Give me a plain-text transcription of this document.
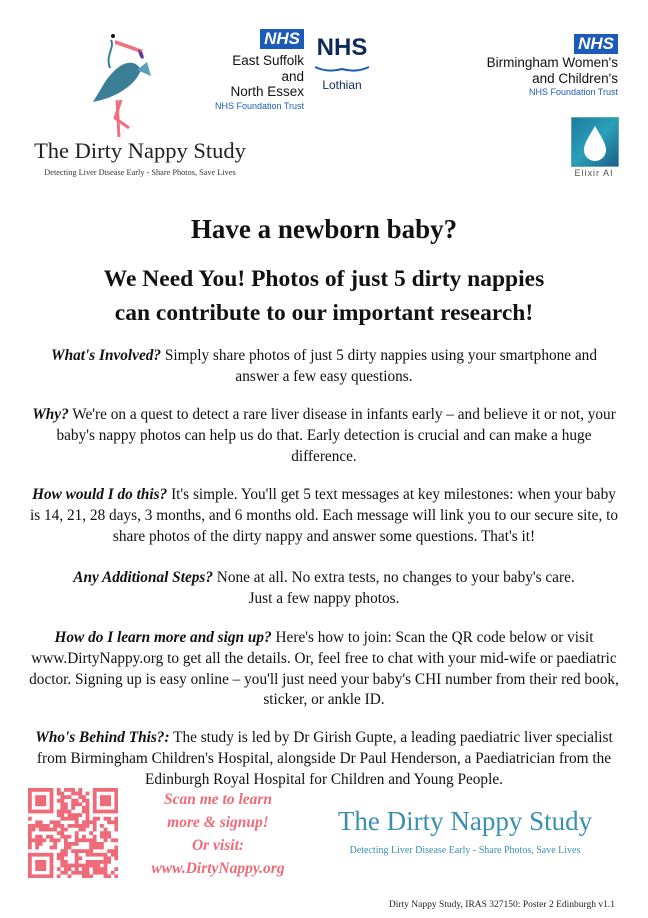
The Dirty Nappy Study
Detecting Liver Disease Early - Share Photos, Save Lives
NHS
East Suffolk and
North Essex
NHS Foundation Trust
NHS
Lothian
NHS
Birmingham Women's
and Children's
NHS Foundation Trust
Elixir AI
Have a newborn baby?
We Need You! Photos of just 5 dirty nappies
can contribute to our important research!

What's Involved? Simply share photos of just 5 dirty nappies using your smartphone and answer a few easy questions.

Why? We're on a quest to detect a rare liver disease in infants early – and believe it or not, your baby's nappy photos can help us do that. Early detection is crucial and can make a huge difference.

How would I do this? It's simple. You'll get 5 text messages at key milestones: when your baby is 14, 21, 28 days, 3 months, and 6 months old. Each message will link you to our secure site, to share photos of the dirty nappy and answer some questions. That's it!

Any Additional Steps? None at all. No extra tests, no changes to your baby's care. Just a few nappy photos.

How do I learn more and sign up? Here's how to join: Scan the QR code below or visit www.DirtyNappy.org to get all the details. Or, feel free to chat with your mid-wife or paediatric doctor. Signing up is easy online – you'll just need your baby's CHI number from their red book, sticker, or ankle ID.

Who's Behind This?: The study is led by Dr Girish Gupte, a leading paediatric liver specialist from Birmingham Children's Hospital, alongside Dr Paul Henderson, a Paediatrician from the Edinburgh Royal Hospital for Children and Young People.

Scan me to learn
more & signup!
Or visit:
www.DirtyNappy.org
The Dirty Nappy Study
Detecting Liver Disease Early - Share Photos, Save Lives
Dirty Nappy Study, IRAS 327150: Poster 2 Edinburgh v1.1
